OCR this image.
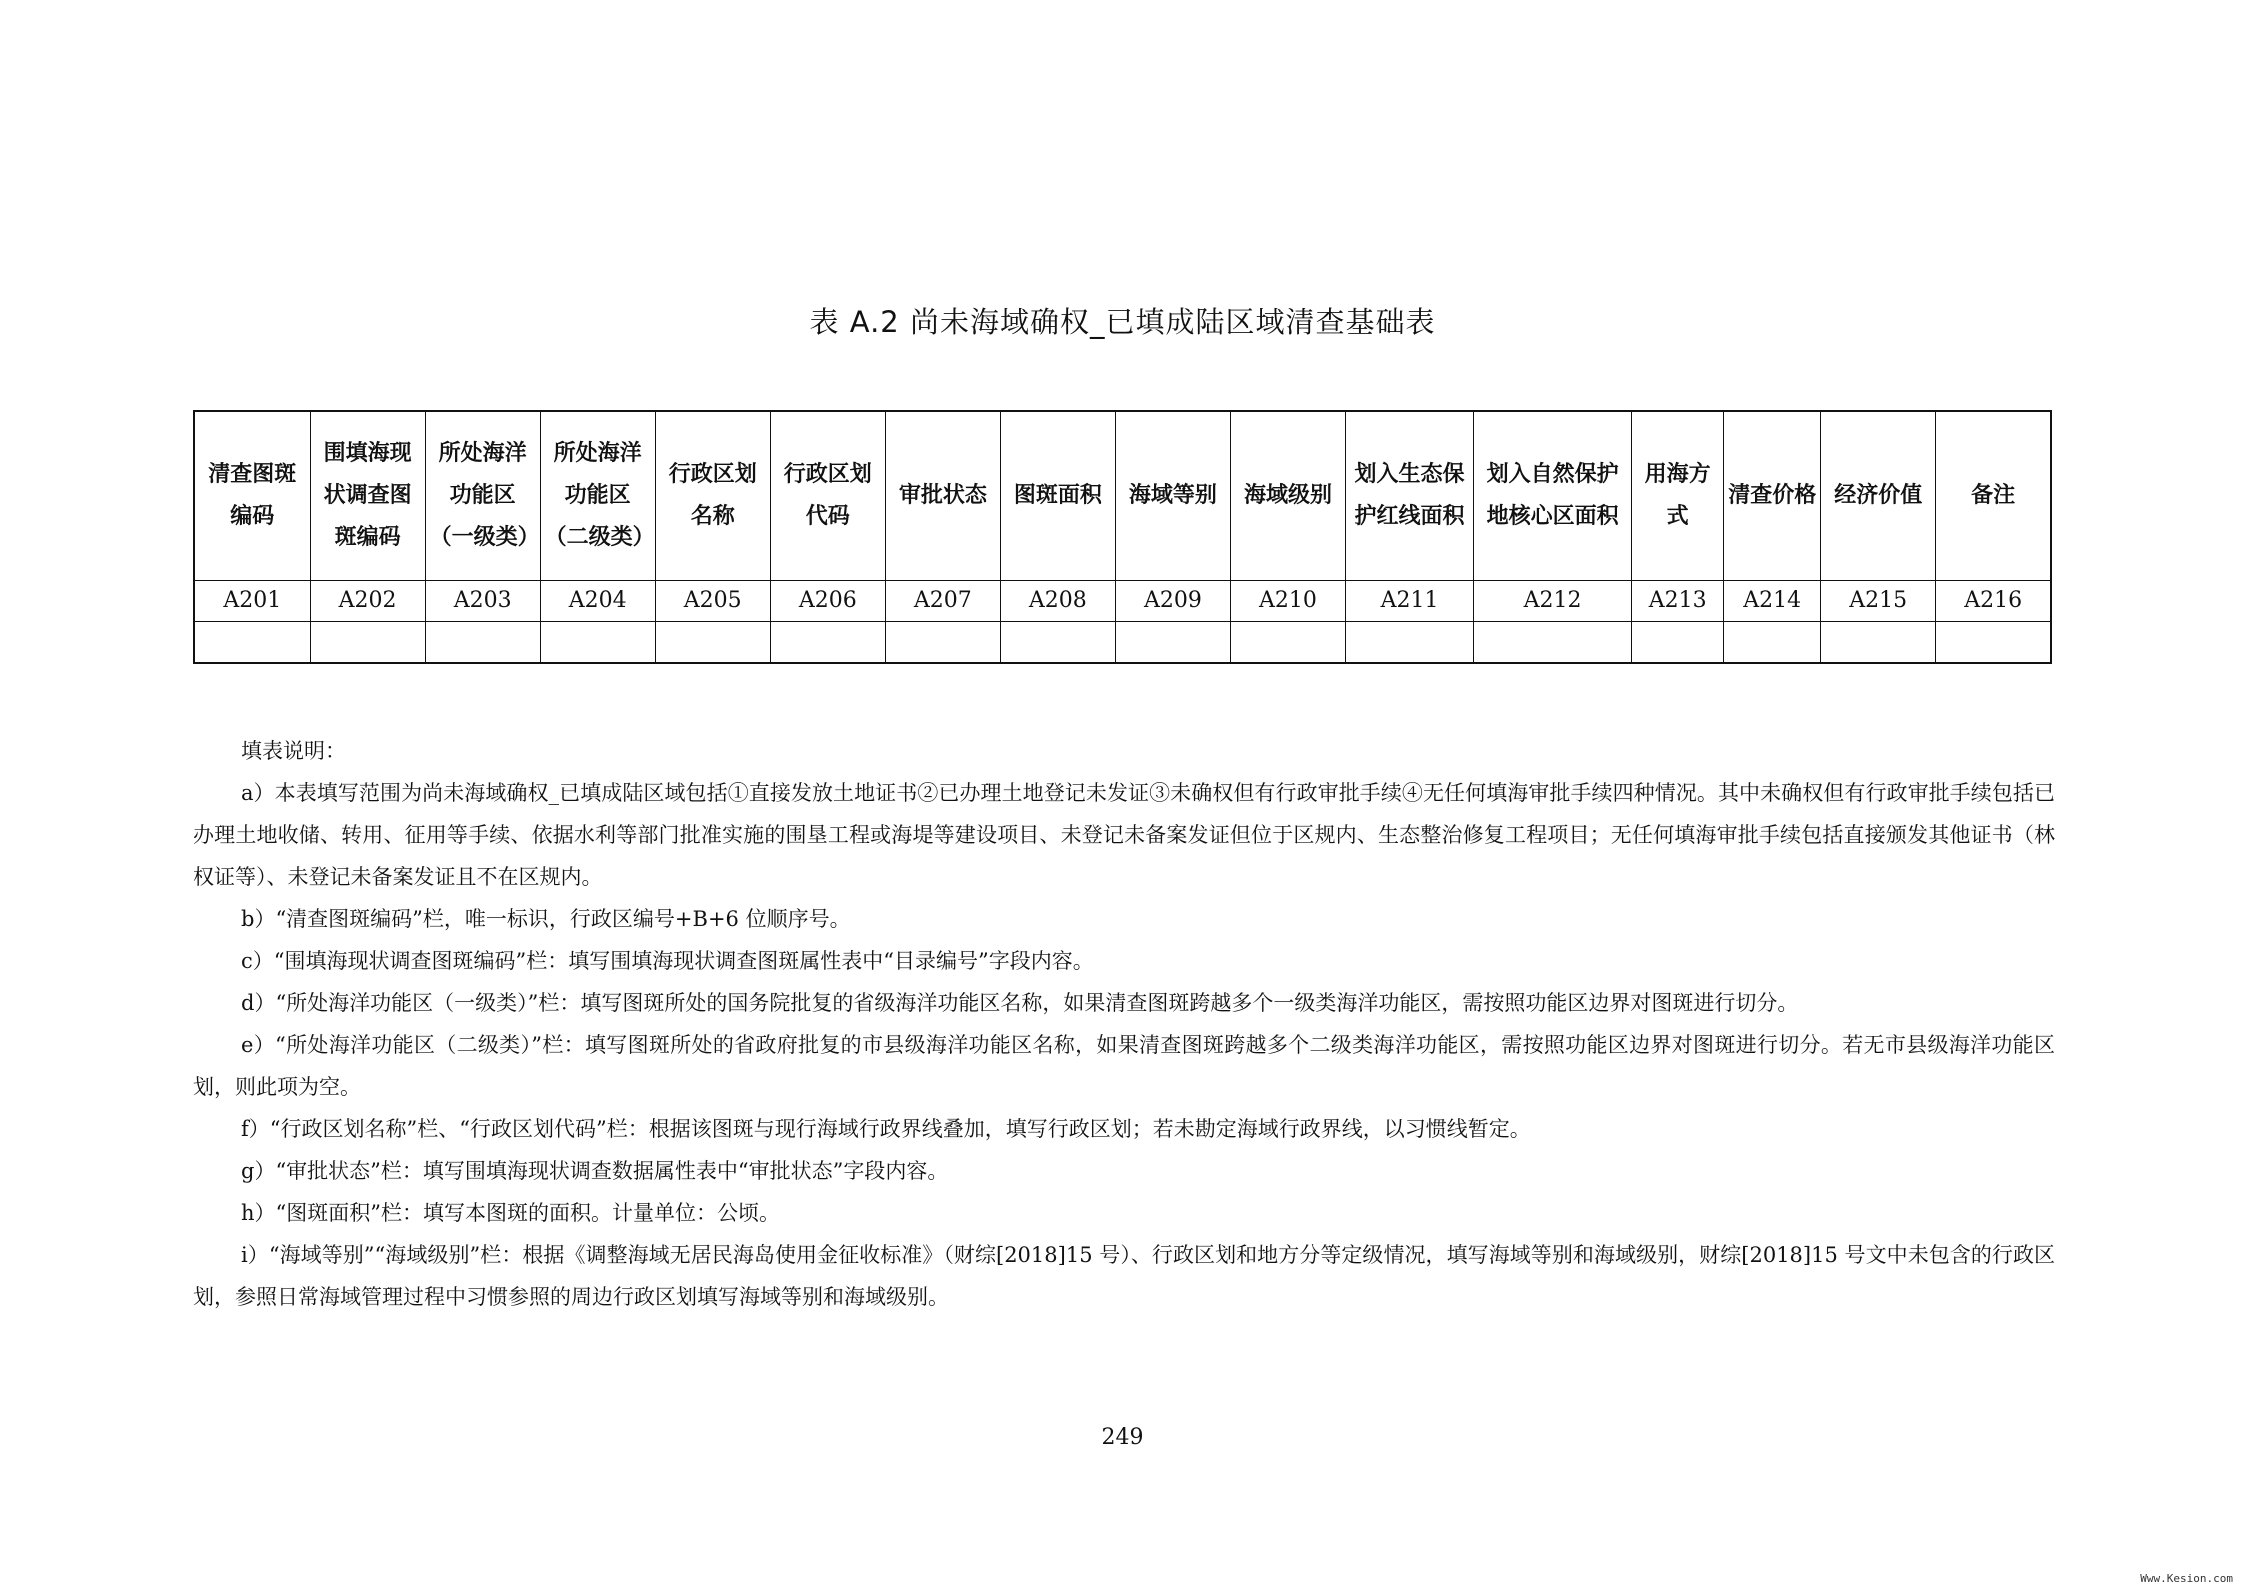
表 A.2 尚未海域确权_已填成陆区域清查基础表
清查图斑编码	围填海现状调查图斑编码	所处海洋功能区（一级类）	所处海洋功能区（二级类）	行政区划名称	行政区划代码	审批状态	图斑面积	海域等别	海域级别	划入生态保护红线面积	划入自然保护地核心区面积	用海方式	清查价格	经济价值	备注
A201	A202	A203	A204	A205	A206	A207	A208	A209	A210	A211	A212	A213	A214	A215	A216

填表说明：

a）本表填写范围为尚未海域确权_已填成陆区域包括①直接发放土地证书②已办理土地登记未发证③未确权但有行政审批手续④无任何填海审批手续四种情况。其中未确权但有行政审批手续包括已办理土地收储、转用、征用等手续、依据水利等部门批准实施的围垦工程或海堤等建设项目、未登记未备案发证但位于区规内、生态整治修复工程项目；无任何填海审批手续包括直接颁发其他证书（林权证等）、未登记未备案发证且不在区规内。

b）“清查图斑编码”栏，唯一标识，行政区编号+B+6 位顺序号。

c）“围填海现状调查图斑编码”栏：填写围填海现状调查图斑属性表中“目录编号”字段内容。

d）“所处海洋功能区（一级类）”栏：填写图斑所处的国务院批复的省级海洋功能区名称，如果清查图斑跨越多个一级类海洋功能区，需按照功能区边界对图斑进行切分。

e）“所处海洋功能区（二级类）”栏：填写图斑所处的省政府批复的市县级海洋功能区名称，如果清查图斑跨越多个二级类海洋功能区，需按照功能区边界对图斑进行切分。若无市县级海洋功能区划，则此项为空。

f）“行政区划名称”栏、“行政区划代码”栏：根据该图斑与现行海域行政界线叠加，填写行政区划；若未勘定海域行政界线，以习惯线暂定。

g）“审批状态”栏：填写围填海现状调查数据属性表中“审批状态”字段内容。

h）“图斑面积”栏：填写本图斑的面积。计量单位：公顷。

i）“海域等别”“海域级别”栏：根据《调整海域无居民海岛使用金征收标准》（财综[2018]15 号）、行政区划和地方分等定级情况，填写海域等别和海域级别，财综[2018]15 号文中未包含的行政区划，参照日常海域管理过程中习惯参照的周边行政区划填写海域等别和海域级别。

249
Www.Kesion.com
